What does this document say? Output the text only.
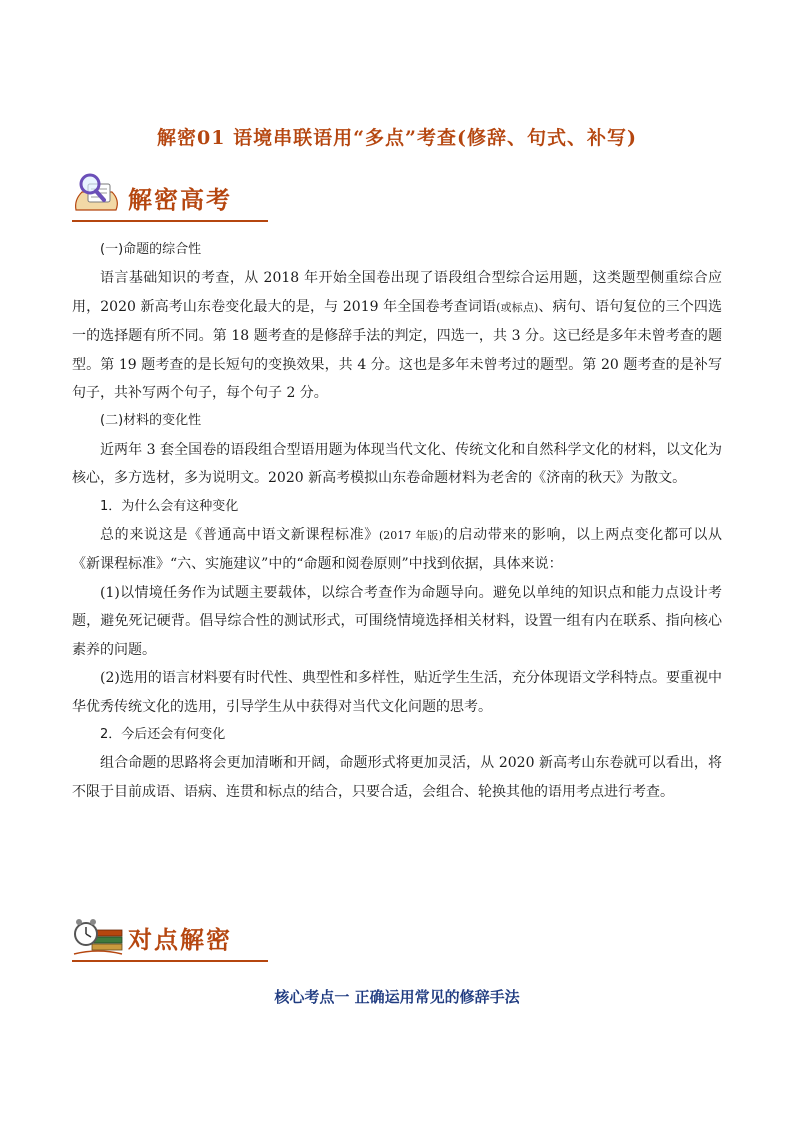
解密01 语境串联语用“多点”考查(修辞、句式、补写)
解密高考

(一)命题的综合性

语言基础知识的考查，从 2018 年开始全国卷出现了语段组合型综合运用题，这类题型侧重综合应用，2020 新高考山东卷变化最大的是，与 2019 年全国卷考查词语(或标点)、病句、语句复位的三个四选一的选择题有所不同。第 18 题考查的是修辞手法的判定，四选一，共 3 分。这已经是多年未曾考查的题型。第 19 题考查的是长短句的变换效果，共 4 分。这也是多年未曾考过的题型。第 20 题考查的是补写句子，共补写两个句子，每个句子 2 分。

(二)材料的变化性

近两年 3 套全国卷的语段组合型语用题为体现当代文化、传统文化和自然科学文化的材料，以文化为核心，多方选材，多为说明文。2020 新高考模拟山东卷命题材料为老舍的《济南的秋天》为散文。

1．为什么会有这种变化

总的来说这是《普通高中语文新课程标准》(2017 年版)的启动带来的影响，以上两点变化都可以从《新课程标准》“六、实施建议”中的“命题和阅卷原则”中找到依据，具体来说：

(1)以情境任务作为试题主要载体，以综合考查作为命题导向。避免以单纯的知识点和能力点设计考题，避免死记硬背。倡导综合性的测试形式，可围绕情境选择相关材料，设置一组有内在联系、指向核心素养的问题。

(2)选用的语言材料要有时代性、典型性和多样性，贴近学生生活，充分体现语文学科特点。要重视中华优秀传统文化的选用，引导学生从中获得对当代文化问题的思考。

2．今后还会有何变化

组合命题的思路将会更加清晰和开阔，命题形式将更加灵活，从 2020 新高考山东卷就可以看出，将不限于目前成语、语病、连贯和标点的结合，只要合适，会组合、轮换其他的语用考点进行考查。

对点解密
核心考点一 正确运用常见的修辞手法
